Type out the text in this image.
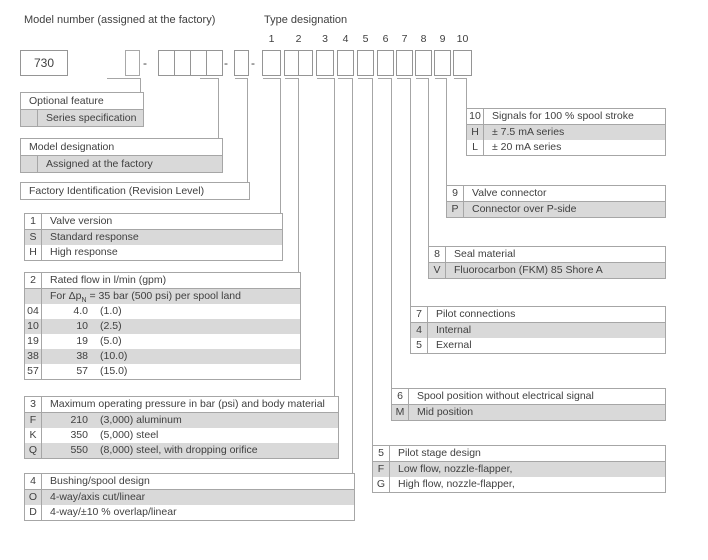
Model number (assigned at the factory)	Type designation
1	2	3	4	5	6	7	8	9	10
730	-	- -
Optional feature
Series specification
Model designation
Assigned at the factory
Factory Identification (Revision Level)
1	Valve version
S	Standard response
H	High response
2	Rated flow in l/min (gpm)
For $\Delta p_N = 35$ bar (500 psi) per spool land
04	4.0	(1.0)
10	10	(2.5)
19	19	(5.0)
38	38	(10.0)
57	57	(15.0)
3	Maximum operating pressure in bar (psi) and body material
F	210	(3,000) aluminum
K	350	(5,000) steel
Q	550	(8,000) steel, with dropping orifice
4	Bushing/spool design
O	4-way/axis cut/linear
D	4-way/±10 % overlap/linear
5	Pilot stage design
F	Low flow, nozzle-flapper,
G	High flow, nozzle-flapper,
6	Spool position without electrical signal
M	Mid position
7	Pilot connections
4	Internal
5	Exernal
8	Seal material
V	Fluorocarbon (FKM) 85 Shore A
9	Valve connector
P	Connector over P-side
10	Signals for 100 % spool stroke
H	± 7.5 mA series
L	± 20 mA series
